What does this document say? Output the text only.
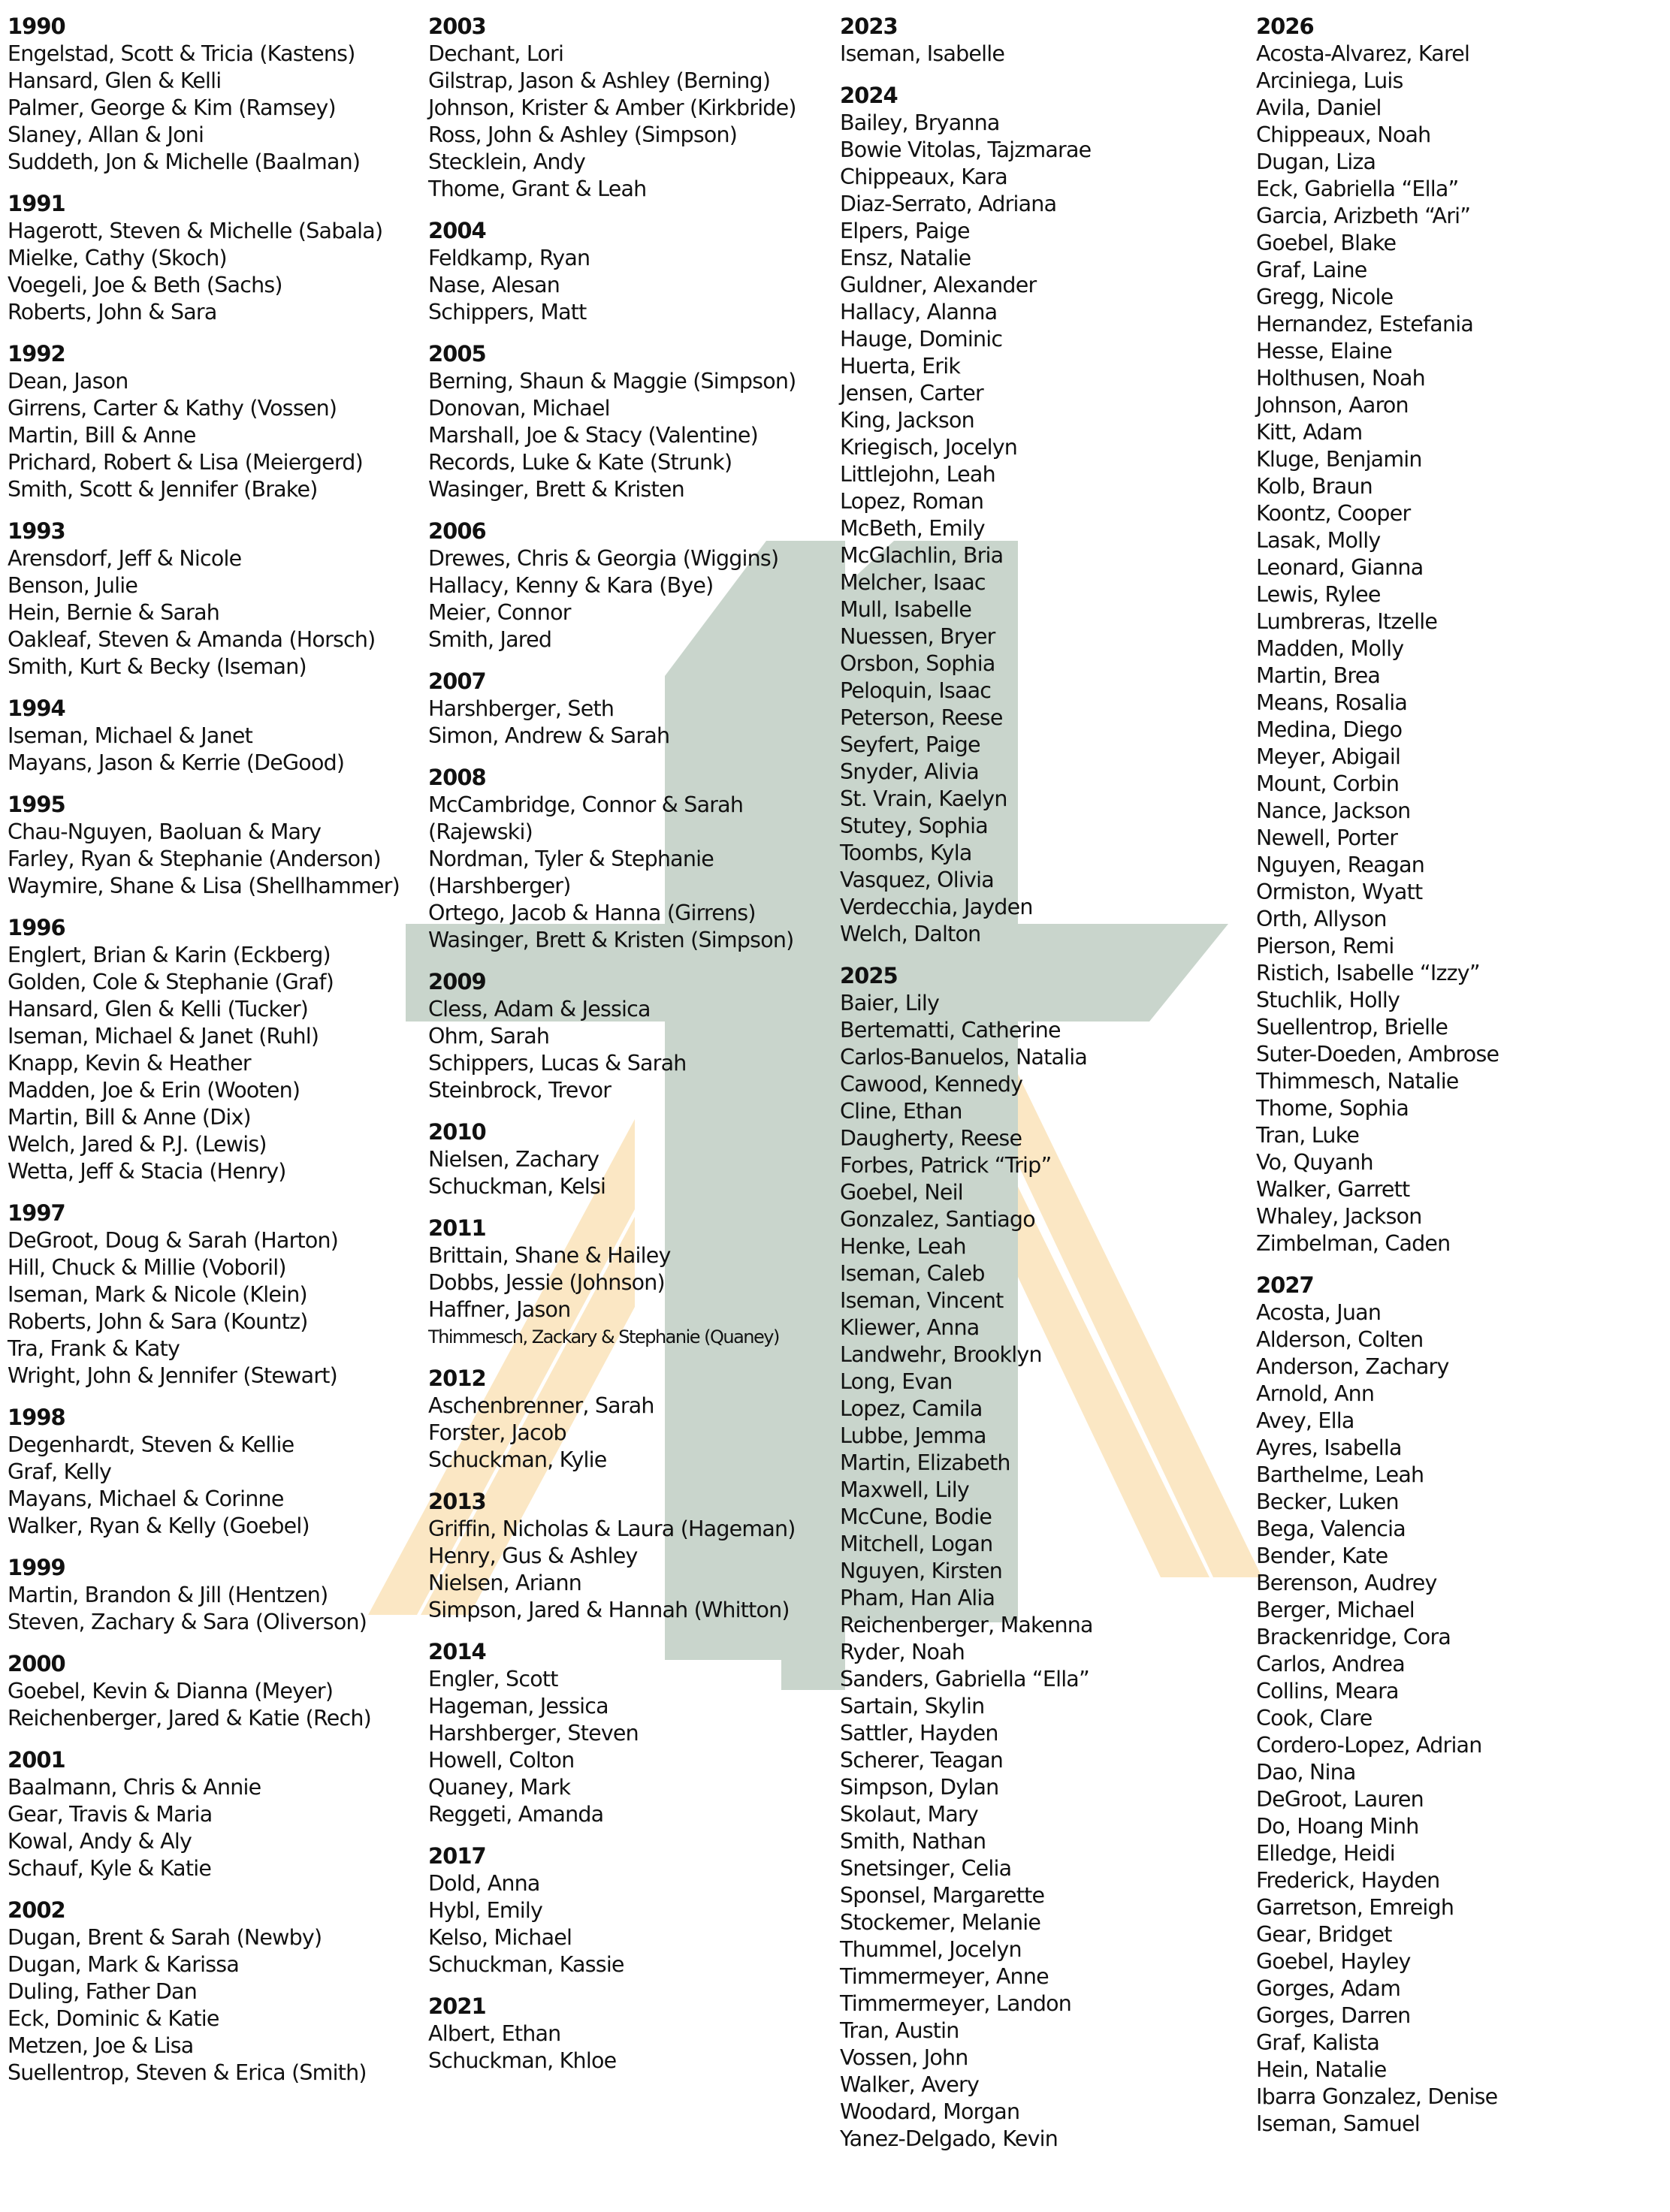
1990
Engelstad, Scott & Tricia (Kastens)
Hansard, Glen & Kelli
Palmer, George & Kim (Ramsey)
Slaney, Allan & Joni
Suddeth, Jon & Michelle (Baalman)
1991
Hagerott, Steven & Michelle (Sabala)
Mielke, Cathy (Skoch)
Voegeli, Joe & Beth (Sachs)
Roberts, John & Sara
1992
Dean, Jason
Girrens, Carter & Kathy (Vossen)
Martin, Bill & Anne
Prichard, Robert & Lisa (Meiergerd)
Smith, Scott & Jennifer (Brake)
1993
Arensdorf, Jeff & Nicole
Benson, Julie
Hein, Bernie & Sarah
Oakleaf, Steven & Amanda (Horsch)
Smith, Kurt & Becky (Iseman)
1994
Iseman, Michael & Janet
Mayans, Jason & Kerrie (DeGood)
1995
Chau-Nguyen, Baoluan & Mary
Farley, Ryan & Stephanie (Anderson)
Waymire, Shane & Lisa (Shellhammer)
1996
Englert, Brian & Karin (Eckberg)
Golden, Cole & Stephanie (Graf)
Hansard, Glen & Kelli (Tucker)
Iseman, Michael & Janet (Ruhl)
Knapp, Kevin & Heather
Madden, Joe & Erin (Wooten)
Martin, Bill & Anne (Dix)
Welch, Jared & P.J. (Lewis)
Wetta, Jeff & Stacia (Henry)
1997
DeGroot, Doug & Sarah (Harton)
Hill, Chuck & Millie (Voboril)
Iseman, Mark & Nicole (Klein)
Roberts, John & Sara (Kountz)
Tra, Frank & Katy
Wright, John & Jennifer (Stewart)
1998
Degenhardt, Steven & Kellie
Graf, Kelly
Mayans, Michael & Corinne
Walker, Ryan & Kelly (Goebel)
1999
Martin, Brandon & Jill (Hentzen)
Steven, Zachary & Sara (Oliverson)
2000
Goebel, Kevin & Dianna (Meyer)
Reichenberger, Jared & Katie (Rech)
2001
Baalmann, Chris & Annie
Gear, Travis & Maria
Kowal, Andy & Aly
Schauf, Kyle & Katie
2002
Dugan, Brent & Sarah (Newby)
Dugan, Mark & Karissa
Duling, Father Dan
Eck, Dominic & Katie
Metzen, Joe & Lisa
Suellentrop, Steven & Erica (Smith)
2003
Dechant, Lori
Gilstrap, Jason & Ashley (Berning)
Johnson, Krister & Amber (Kirkbride)
Ross, John & Ashley (Simpson)
Stecklein, Andy
Thome, Grant & Leah
2004
Feldkamp, Ryan
Nase, Alesan
Schippers, Matt
2005
Berning, Shaun & Maggie (Simpson)
Donovan, Michael
Marshall, Joe & Stacy (Valentine)
Records, Luke & Kate (Strunk)
Wasinger, Brett & Kristen
2006
Drewes, Chris & Georgia (Wiggins)
Hallacy, Kenny & Kara (Bye)
Meier, Connor
Smith, Jared
2007
Harshberger, Seth
Simon, Andrew & Sarah
2008
McCambridge, Connor & Sarah
(Rajewski)
Nordman, Tyler & Stephanie
(Harshberger)
Ortego, Jacob & Hanna (Girrens)
Wasinger, Brett & Kristen (Simpson)
2009
Cless, Adam & Jessica
Ohm, Sarah
Schippers, Lucas & Sarah
Steinbrock, Trevor
2010
Nielsen, Zachary
Schuckman, Kelsi
2011
Brittain, Shane & Hailey
Dobbs, Jessie (Johnson)
Haffner, Jason
Thimmesch, Zackary & Stephanie (Quaney)
2012
Aschenbrenner, Sarah
Forster, Jacob
Schuckman, Kylie
2013
Griffin, Nicholas & Laura (Hageman)
Henry, Gus & Ashley
Nielsen, Ariann
Simpson, Jared & Hannah (Whitton)
2014
Engler, Scott
Hageman, Jessica
Harshberger, Steven
Howell, Colton
Quaney, Mark
Reggeti, Amanda
2017
Dold, Anna
Hybl, Emily
Kelso, Michael
Schuckman, Kassie
2021
Albert, Ethan
Schuckman, Khloe
2023
Iseman, Isabelle
2024
Bailey, Bryanna
Bowie Vitolas, Tajzmarae
Chippeaux, Kara
Diaz-Serrato, Adriana
Elpers, Paige
Ensz, Natalie
Guldner, Alexander
Hallacy, Alanna
Hauge, Dominic
Huerta, Erik
Jensen, Carter
King, Jackson
Kriegisch, Jocelyn
Littlejohn, Leah
Lopez, Roman
McBeth, Emily
McGlachlin, Bria
Melcher, Isaac
Mull, Isabelle
Nuessen, Bryer
Orsbon, Sophia
Peloquin, Isaac
Peterson, Reese
Seyfert, Paige
Snyder, Alivia
St. Vrain, Kaelyn
Stutey, Sophia
Toombs, Kyla
Vasquez, Olivia
Verdecchia, Jayden
Welch, Dalton
2025
Baier, Lily
Bertematti, Catherine
Carlos-Banuelos, Natalia
Cawood, Kennedy
Cline, Ethan
Daugherty, Reese
Forbes, Patrick “Trip”
Goebel, Neil
Gonzalez, Santiago
Henke, Leah
Iseman, Caleb
Iseman, Vincent
Kliewer, Anna
Landwehr, Brooklyn
Long, Evan
Lopez, Camila
Lubbe, Jemma
Martin, Elizabeth
Maxwell, Lily
McCune, Bodie
Mitchell, Logan
Nguyen, Kirsten
Pham, Han Alia
Reichenberger, Makenna
Ryder, Noah
Sanders, Gabriella “Ella”
Sartain, Skylin
Sattler, Hayden
Scherer, Teagan
Simpson, Dylan
Skolaut, Mary
Smith, Nathan
Snetsinger, Celia
Sponsel, Margarette
Stockemer, Melanie
Thummel, Jocelyn
Timmermeyer, Anne
Timmermeyer, Landon
Tran, Austin
Vossen, John
Walker, Avery
Woodard, Morgan
Yanez-Delgado, Kevin
2026
Acosta-Alvarez, Karel
Arciniega, Luis
Avila, Daniel
Chippeaux, Noah
Dugan, Liza
Eck, Gabriella “Ella”
Garcia, Arizbeth “Ari”
Goebel, Blake
Graf, Laine
Gregg, Nicole
Hernandez, Estefania
Hesse, Elaine
Holthusen, Noah
Johnson, Aaron
Kitt, Adam
Kluge, Benjamin
Kolb, Braun
Koontz, Cooper
Lasak, Molly
Leonard, Gianna
Lewis, Rylee
Lumbreras, Itzelle
Madden, Molly
Martin, Brea
Means, Rosalia
Medina, Diego
Meyer, Abigail
Mount, Corbin
Nance, Jackson
Newell, Porter
Nguyen, Reagan
Ormiston, Wyatt
Orth, Allyson
Pierson, Remi
Ristich, Isabelle “Izzy”
Stuchlik, Holly
Suellentrop, Brielle
Suter-Doeden, Ambrose
Thimmesch, Natalie
Thome, Sophia
Tran, Luke
Vo, Quyanh
Walker, Garrett
Whaley, Jackson
Zimbelman, Caden
2027
Acosta, Juan
Alderson, Colten
Anderson, Zachary
Arnold, Ann
Avey, Ella
Ayres, Isabella
Barthelme, Leah
Becker, Luken
Bega, Valencia
Bender, Kate
Berenson, Audrey
Berger, Michael
Brackenridge, Cora
Carlos, Andrea
Collins, Meara
Cook, Clare
Cordero-Lopez, Adrian
Dao, Nina
DeGroot, Lauren
Do, Hoang Minh
Elledge, Heidi
Frederick, Hayden
Garretson, Emreigh
Gear, Bridget
Goebel, Hayley
Gorges, Adam
Gorges, Darren
Graf, Kalista
Hein, Natalie
Ibarra Gonzalez, Denise
Iseman, Samuel
